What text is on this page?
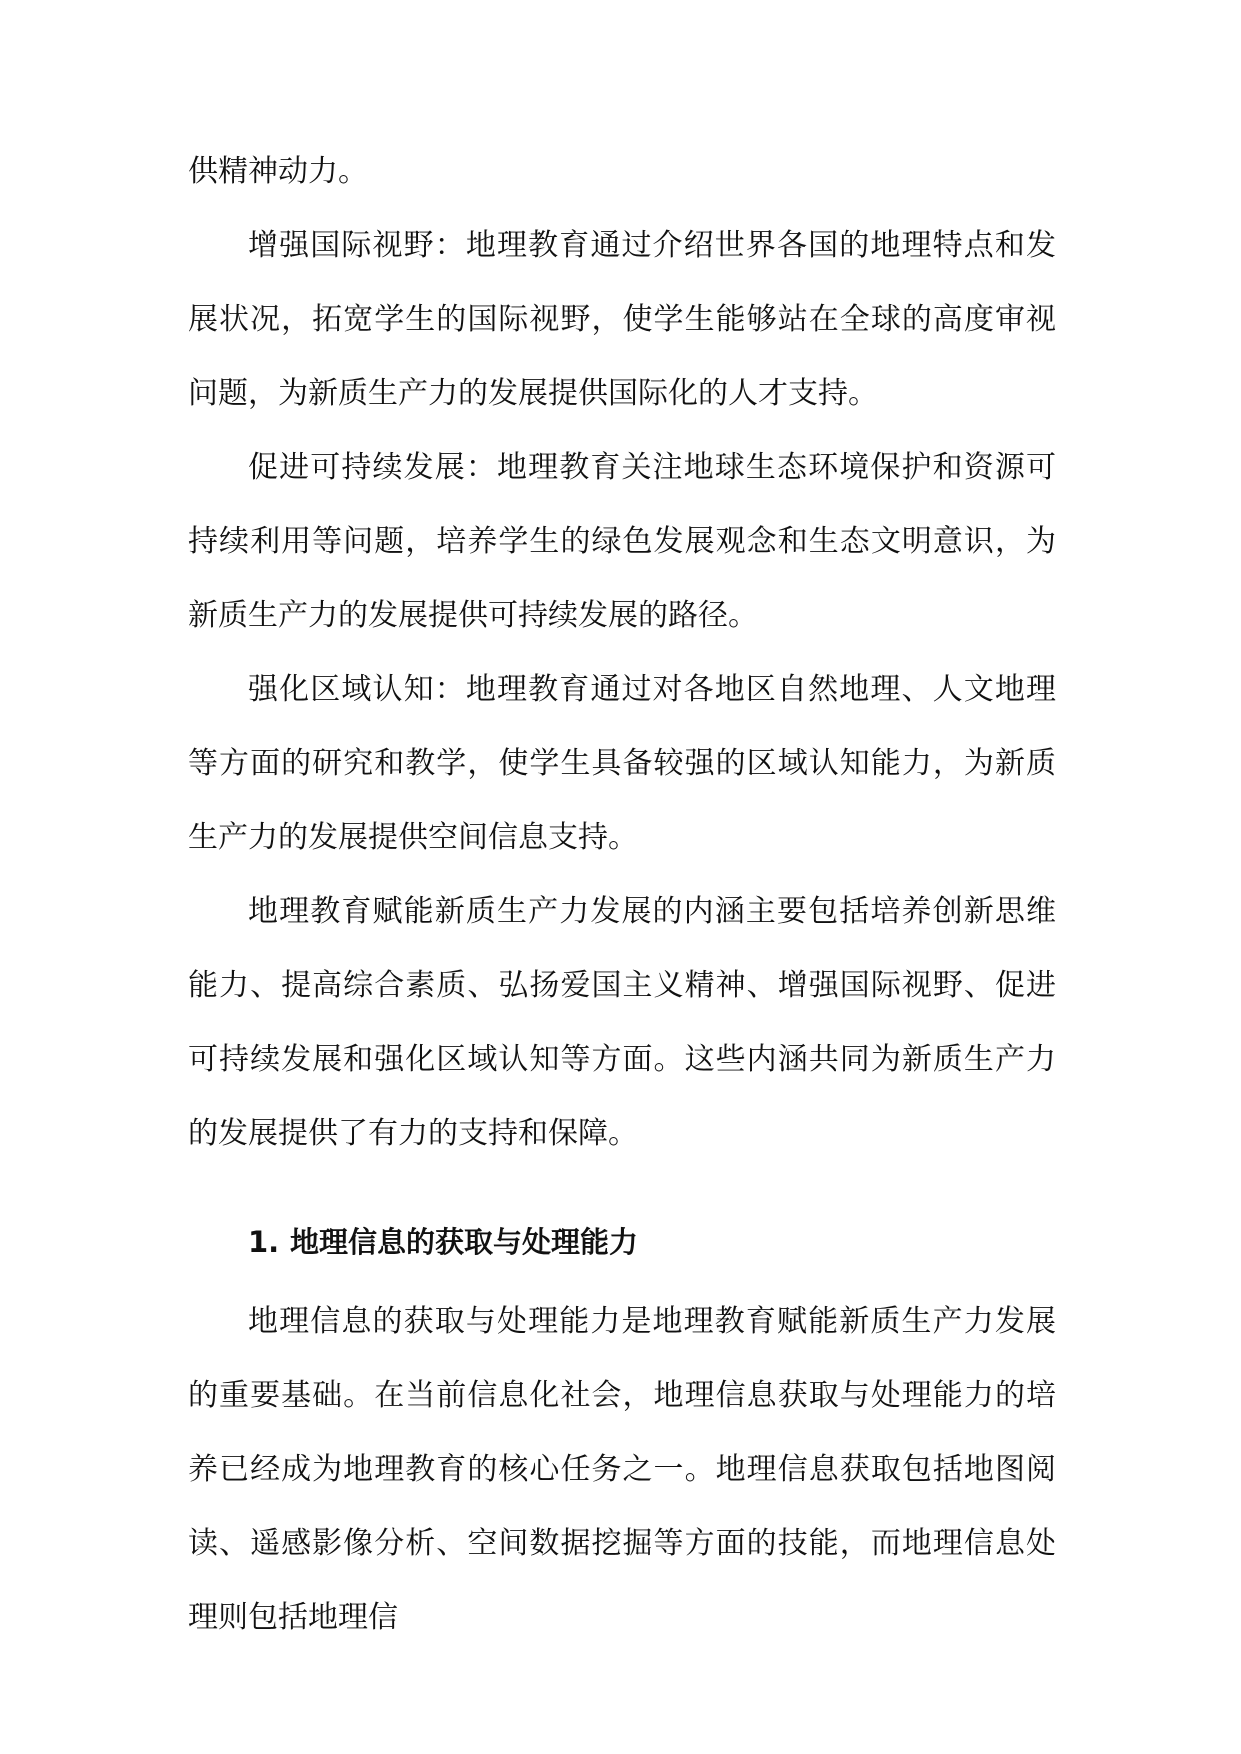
供精神动力。

增强国际视野：地理教育通过介绍世界各国的地理特点和发展状况，拓宽学生的国际视野，使学生能够站在全球的高度审视问题，为新质生产力的发展提供国际化的人才支持。

促进可持续发展：地理教育关注地球生态环境保护和资源可持续利用等问题，培养学生的绿色发展观念和生态文明意识，为新质生产力的发展提供可持续发展的路径。

强化区域认知：地理教育通过对各地区自然地理、人文地理等方面的研究和教学，使学生具备较强的区域认知能力，为新质生产力的发展提供空间信息支持。

地理教育赋能新质生产力发展的内涵主要包括培养创新思维能力、提高综合素质、弘扬爱国主义精神、增强国际视野、促进可持续发展和强化区域认知等方面。这些内涵共同为新质生产力的发展提供了有力的支持和保障。

1. 地理信息的获取与处理能力

地理信息的获取与处理能力是地理教育赋能新质生产力发展的重要基础。在当前信息化社会，地理信息获取与处理能力的培养已经成为地理教育的核心任务之一。地理信息获取包括地图阅读、遥感影像分析、空间数据挖掘等方面的技能，而地理信息处理则包括地理信
